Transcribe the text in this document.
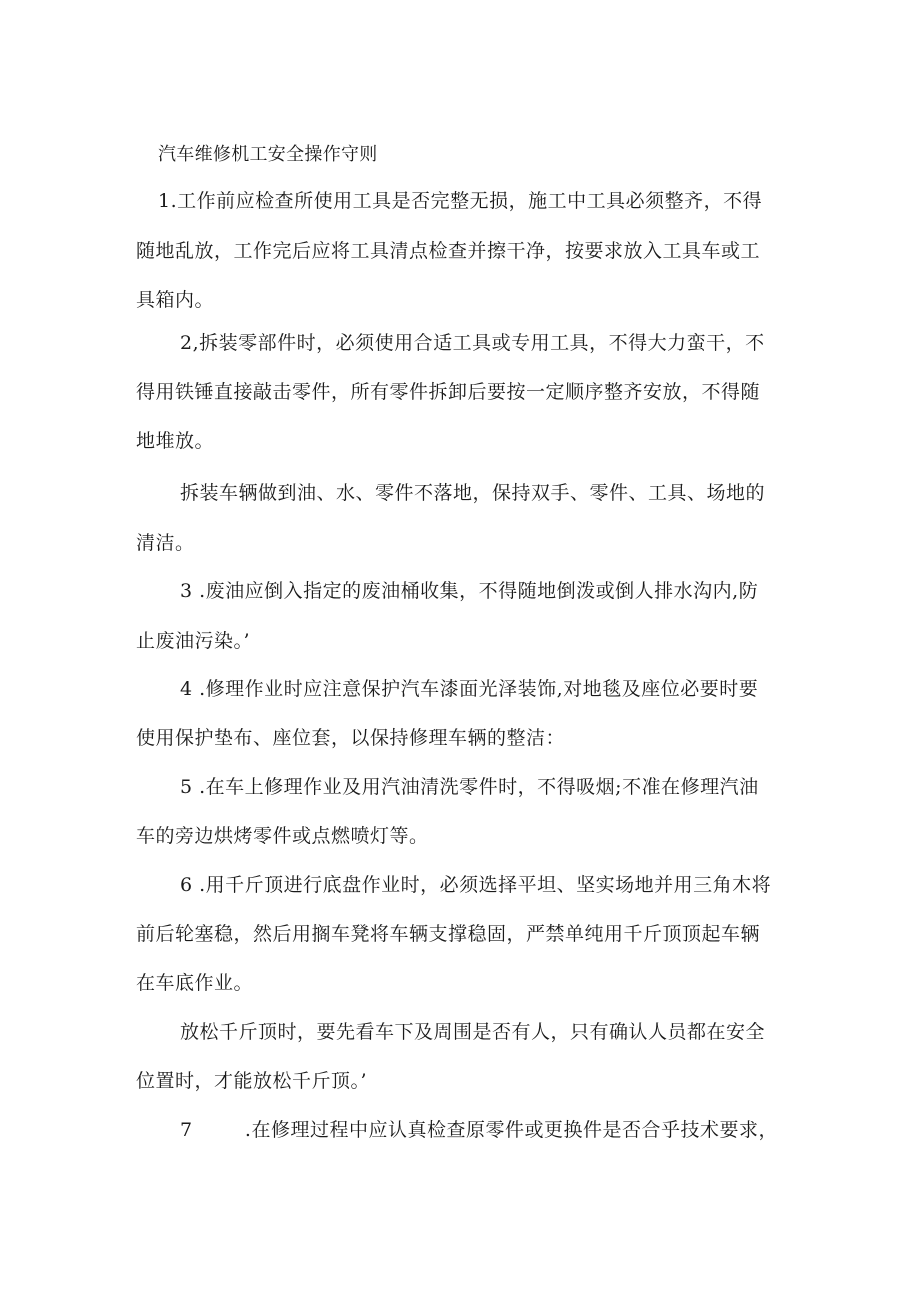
汽车维修机工安全操作守则
1.工作前应检查所使用工具是否完整无损，施工中工具必须整齐，不得
随地乱放，工作完后应将工具清点检查并擦干净，按要求放入工具车或工
具箱内。
2,拆装零部件时，必须使用合适工具或专用工具，不得大力蛮干，不
得用铁锤直接敲击零件，所有零件拆卸后要按一定顺序整齐安放，不得随
地堆放。
拆装车辆做到油、水、零件不落地，保持双手、零件、工具、场地的
清洁。
3 .废油应倒入指定的废油桶收集，不得随地倒泼或倒人排水沟内,防
止废油污染。’
4 .修理作业时应注意保护汽车漆面光泽装饰,对地毯及座位必要时要
使用保护垫布、座位套，以保持修理车辆的整洁：
5 .在车上修理作业及用汽油清洗零件时，不得吸烟;不准在修理汽油
车的旁边烘烤零件或点燃喷灯等。
6 .用千斤顶进行底盘作业时，必须选择平坦、坚实场地并用三角木将
前后轮塞稳，然后用搁车凳将车辆支撑稳固，严禁单纯用千斤顶顶起车辆
在车底作业。
放松千斤顶时，要先看车下及周围是否有人，只有确认人员都在安全
位置时，才能放松千斤顶。’
7        .在修理过程中应认真检查原零件或更换件是否合乎技术要求，
